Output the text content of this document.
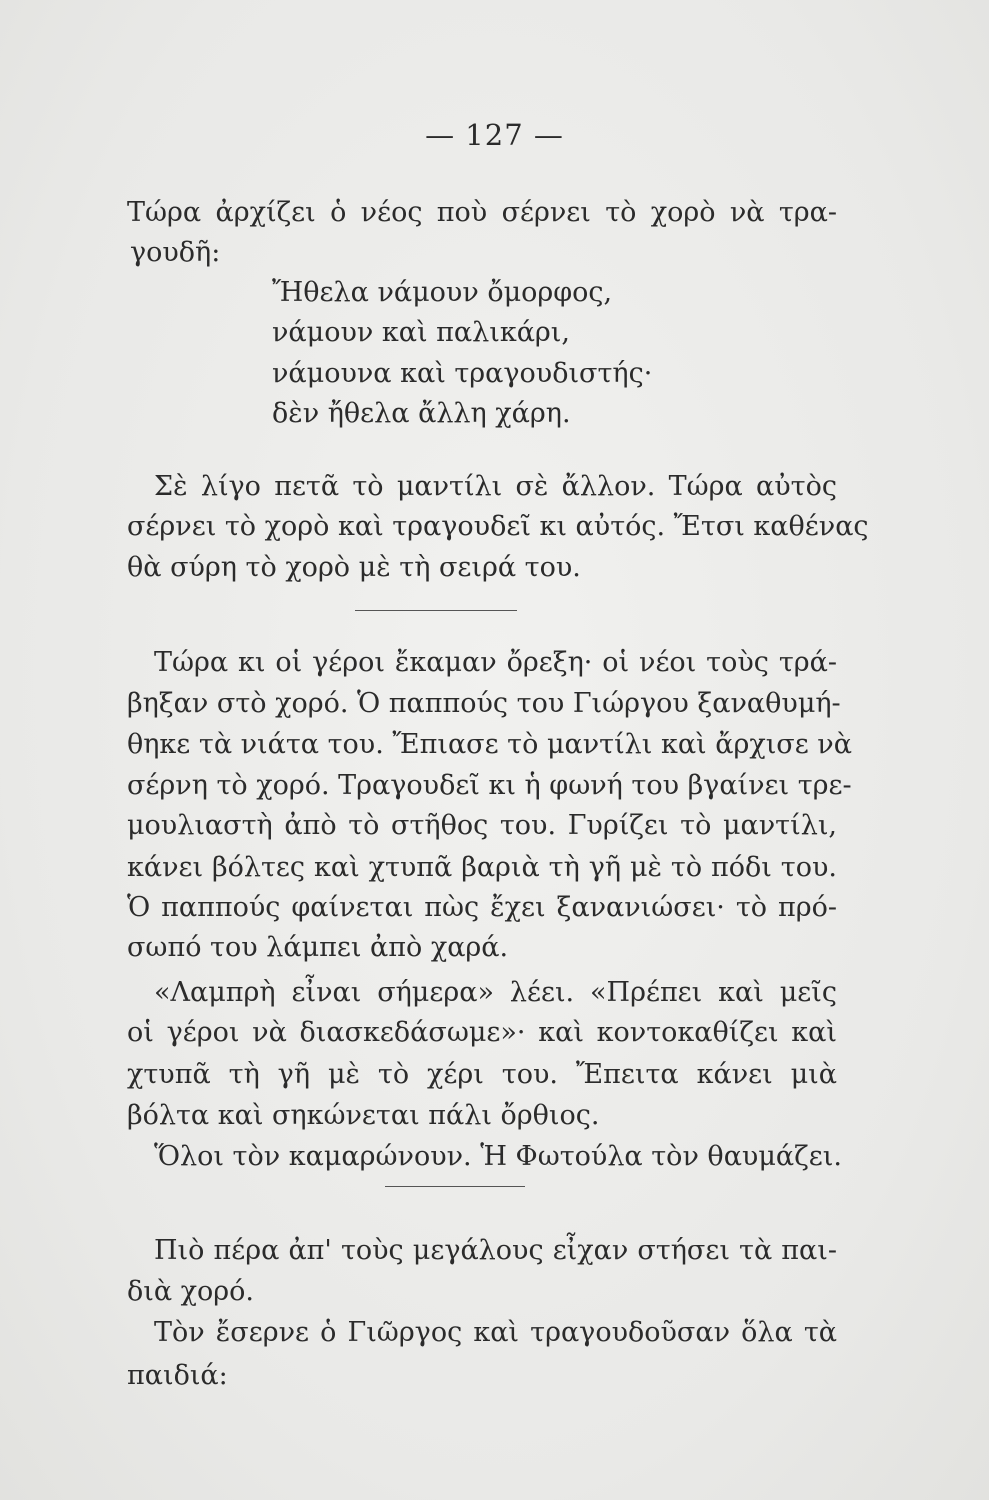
— 127 —
Τώρα ἀρχίζει ὁ νέος ποὺ σέρνει τὸ χορὸ νὰ τρα-
γουδῆ:
Ἤθελα νάμουν ὄμορφος,
νάμουν καὶ παλικάρι,
νάμουνα καὶ τραγουδιστής·
δὲν ἤθελα ἄλλη χάρη.
Σὲ λίγο πετᾶ τὸ μαντίλι σὲ ἄλλον. Τώρα αὐτὸς
σέρνει τὸ χορὸ καὶ τραγουδεῖ κι αὐτός. Ἔτσι καθένας
θὰ σύρη τὸ χορὸ μὲ τὴ σειρά του.
Τώρα κι οἱ γέροι ἔκαμαν ὄρεξη· οἱ νέοι τοὺς τρά-
βηξαν στὸ χορό. Ὁ παππούς του Γιώργου ξαναθυμή-
θηκε τὰ νιάτα του. Ἔπιασε τὸ μαντίλι καὶ ἄρχισε νὰ
σέρνη τὸ χορό. Τραγουδεῖ κι ἡ φωνή του βγαίνει τρε-
μουλιαστὴ ἀπὸ τὸ στῆθος του. Γυρίζει τὸ μαντίλι,
κάνει βόλτες καὶ χτυπᾶ βαριὰ τὴ γῆ μὲ τὸ πόδι του.
Ὁ παππούς φαίνεται πὼς ἔχει ξανανιώσει· τὸ πρό-
σωπό του λάμπει ἀπὸ χαρά.
«Λαμπρὴ εἶναι σήμερα» λέει. «Πρέπει καὶ μεῖς
οἱ γέροι νὰ διασκεδάσωμε»· καὶ κοντοκαθίζει καὶ
χτυπᾶ τὴ γῆ μὲ τὸ χέρι του. Ἔπειτα κάνει μιὰ
βόλτα καὶ σηκώνεται πάλι ὄρθιος.
Ὅλοι τὸν καμαρώνουν. Ἡ Φωτούλα τὸν θαυμάζει.
Πιὸ πέρα ἀπ' τοὺς μεγάλους εἶχαν στήσει τὰ παι-
διὰ χορό.
Τὸν ἔσερνε ὁ Γιῶργος καὶ τραγουδοῦσαν ὅλα τὰ
παιδιά:
